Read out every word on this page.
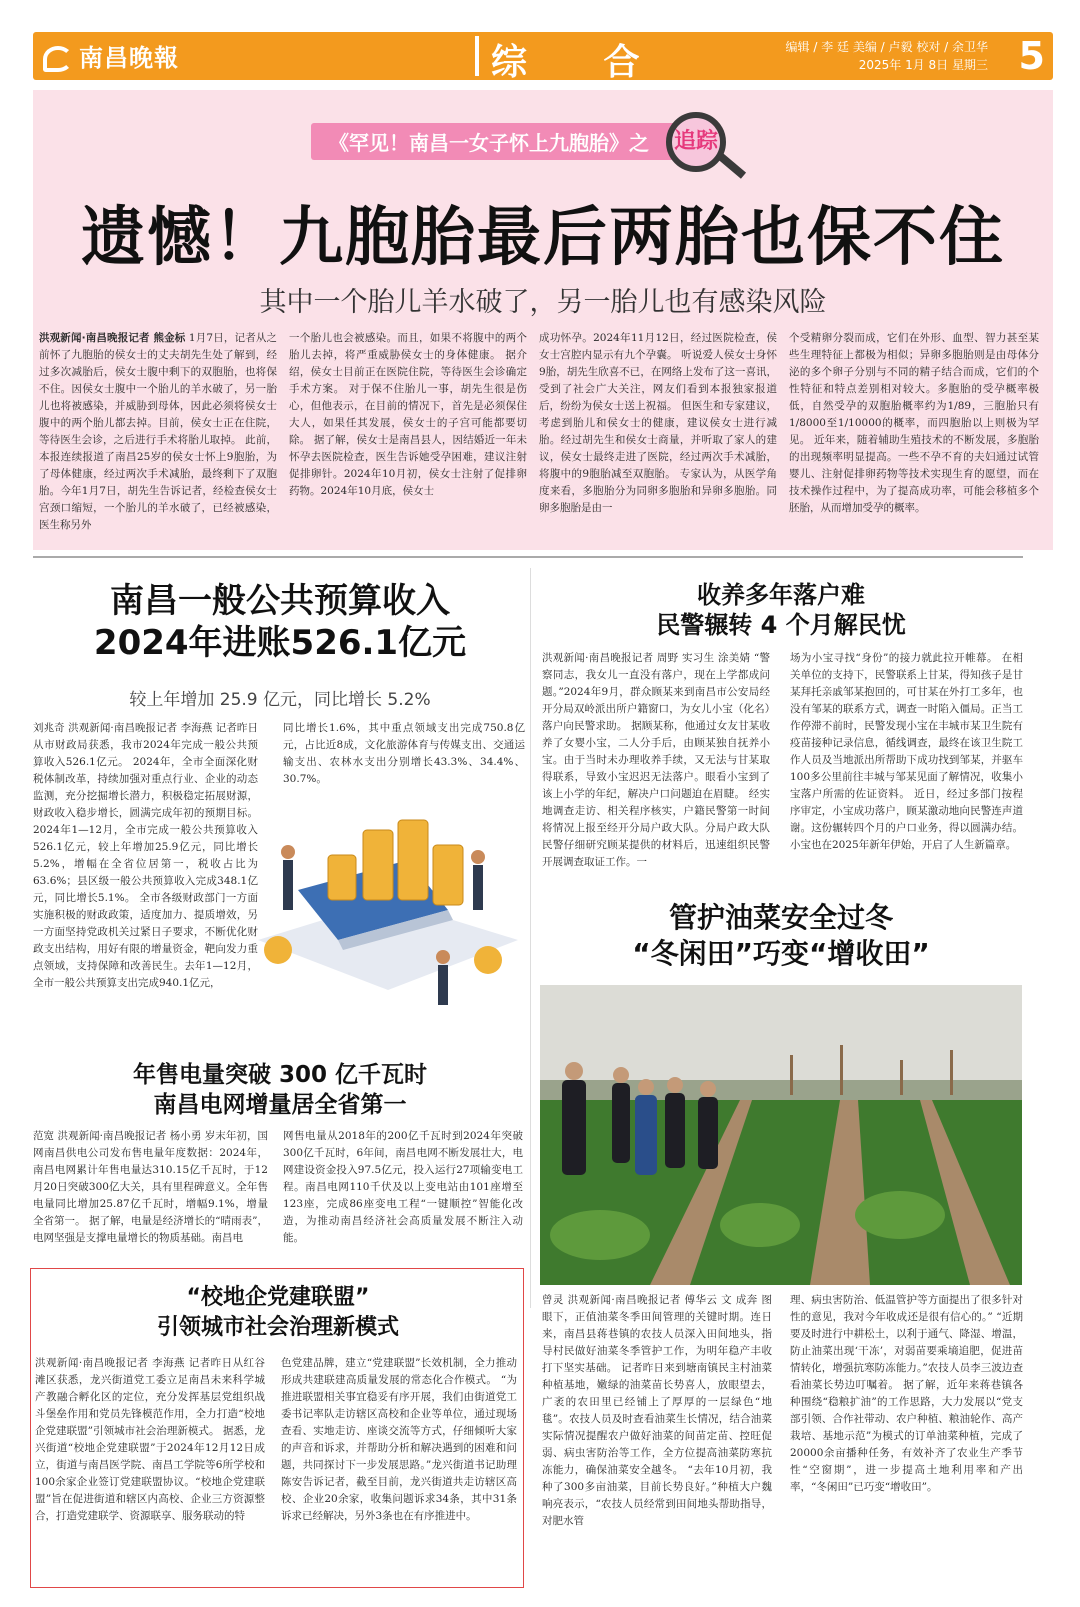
南昌晚報	综 合	编辑 / 李 廷 美编 / 卢毅 校对 / 余卫华
2025年 1月 8日 星期三 5
《罕见！南昌一女子怀上九胞胎》之	追踪
遗憾！九胞胎最后两胎也保不住
其中一个胎儿羊水破了，另一胎儿也有感染风险
洪观新闻·南昌晚报记者 熊金标 1月7日，记者从之前怀了九胞胎的侯女士的丈夫胡先生处了解到，经过多次减胎后，侯女士腹中剩下的双胞胎，也将保不住。因侯女士腹中一个胎儿的羊水破了，另一胎儿也将被感染，并威胁到母体，因此必须将侯女士腹中的两个胎儿都去掉。目前，侯女士正在住院，等待医生会诊，之后进行手术将胎儿取掉。 此前，本报连续报道了南昌25岁的侯女士怀上9胞胎，为了母体健康，经过两次手术减胎，最终剩下了双胞胎。今年1月7日，胡先生告诉记者，经检查侯女士宫颈口缩短，一个胎儿的羊水破了，已经被感染，医生称另外
一个胎儿也会被感染。而且，如果不将腹中的两个胎儿去掉，将严重威胁侯女士的身体健康。 据介绍，侯女士目前正在医院住院，等待医生会诊确定手术方案。 对于保不住胎儿一事，胡先生很是伤心，但他表示，在目前的情况下，首先是必须保住大人，如果任其发展，侯女士的子宫可能都要切除。 据了解，侯女士是南昌县人，因结婚近一年未怀孕去医院检查，医生告诉她受孕困难，建议注射促排卵针。2024年10月初，侯女士注射了促排卵药物。2024年10月底，侯女士
成功怀孕。2024年11月12日，经过医院检查，侯女士宫腔内显示有九个孕囊。 听说爱人侯女士身怀9胎，胡先生欣喜不已，在网络上发布了这一喜讯，受到了社会广大关注，网友们看到本报独家报道后，纷纷为侯女士送上祝福。 但医生和专家建议，考虑到胎儿和侯女士的健康，建议侯女士进行减胎。经过胡先生和侯女士商量，并听取了家人的建议，侯女士最终走进了医院，经过两次手术减胎，将腹中的9胞胎减至双胞胎。 专家认为，从医学角度来看，多胞胎分为同卵多胞胎和异卵多胞胎。同卵多胞胎是由一
个受精卵分裂而成，它们在外形、血型、智力甚至某些生理特征上都极为相似；异卵多胞胎则是由母体分泌的多个卵子分别与不同的精子结合而成，它们的个性特征和特点差别相对较大。多胞胎的受孕概率极低，自然受孕的双胞胎概率约为1/89，三胞胎只有1/8000至1/10000的概率，而四胞胎以上则极为罕见。 近年来，随着辅助生殖技术的不断发展，多胞胎的出现频率明显提高。一些不孕不育的夫妇通过试管婴儿、注射促排卵药物等技术实现生育的愿望，而在技术操作过程中，为了提高成功率，可能会移植多个胚胎，从而增加受孕的概率。
南昌一般公共预算收入
2024年进账526.1亿元
较上年增加 25.9 亿元，同比增长 5.2%
刘兆奇 洪观新闻·南昌晚报记者 李海燕 记者昨日从市财政局获悉，我市2024年完成一般公共预算收入526.1亿元。 2024年，全市全面深化财税体制改革，持续加强对重点行业、企业的动态监测，充分挖掘增长潜力，积极稳定拓展财源，财政收入稳步增长，圆满完成年初的预期目标。2024年1—12月，全市完成一般公共预算收入526.1亿元，较上年增加25.9亿元，同比增长5.2%，增幅在全省位居第一，税收占比为63.6%；县区级一般公共预算收入完成348.1亿元，同比增长5.1%。 全市各级财政部门一方面实施积极的财政政策，适度加力、提质增效，另一方面坚持党政机关过紧日子要求，不断优化财政支出结构，用好有限的增量资金，靶向发力重点领域，支持保障和改善民生。去年1—12月，全市一般公共预算支出完成940.1亿元，
同比增长1.6%，其中重点领域支出完成750.8亿元，占比近8成，文化旅游体育与传媒支出、交通运输支出、农林水支出分别增长43.3%、34.4%、30.7%。
年售电量突破 300 亿千瓦时
南昌电网增量居全省第一
范宽 洪观新闻·南昌晚报记者 杨小勇 岁末年初，国网南昌供电公司发布售电量年度数据：2024年，南昌电网累计年售电量达310.15亿千瓦时，于12月20日突破300亿大关，具有里程碑意义。全年售电量同比增加25.87亿千瓦时，增幅9.1%，增量全省第一。 据了解，电量是经济增长的“晴雨表”，电网坚强是支撑电量增长的物质基础。南昌电
网售电量从2018年的200亿千瓦时到2024年突破300亿千瓦时，6年间，南昌电网不断发展壮大，电网建设资金投入97.5亿元，投入运行27项输变电工程。南昌电网110千伏及以上变电站由101座增至123座，完成86座变电工程“一键顺控”智能化改造，为推动南昌经济社会高质量发展不断注入动能。
“校地企党建联盟”
引领城市社会治理新模式
洪观新闻·南昌晚报记者 李海燕 记者昨日从红谷滩区获悉，龙兴街道党工委立足南昌未来科学城产教融合孵化区的定位，充分发挥基层党组织战斗堡垒作用和党员先锋模范作用，全力打造“校地企党建联盟”引领城市社会治理新模式。 据悉，龙兴街道“校地企党建联盟”于2024年12月12日成立，街道与南昌医学院、南昌工学院等6所学校和100余家企业签订党建联盟协议。“校地企党建联盟”旨在促进街道和辖区内高校、企业三方资源整合，打造党建联学、资源联享、服务联动的特
色党建品牌，建立“党建联盟”长效机制，全力推动形成共建联建高质量发展的常态化合作模式。 “为推进联盟相关事宜稳妥有序开展，我们由街道党工委书记率队走访辖区高校和企业等单位，通过现场查看、实地走访、座谈交流等方式，仔细倾听大家的声音和诉求，并帮助分析和解决遇到的困难和问题，共同探讨下一步发展思路。”龙兴街道书记助理陈安告诉记者，截至目前，龙兴街道共走访辖区高校、企业20余家，收集问题诉求34条，其中31条诉求已经解决，另外3条也在有序推进中。
收养多年落户难
民警辗转 4 个月解民忧
洪观新闻·南昌晚报记者 周野 实习生 涂美婧 “警察同志，我女儿一直没有落户，现在上学都成问题。”2024年9月，群众顾某来到南昌市公安局经开分局双岭派出所户籍窗口，为女儿小宝（化名）落户向民警求助。 据顾某称，他通过女友甘某收养了女婴小宝，二人分手后，由顾某独自抚养小宝。由于当时未办理收养手续，又无法与甘某取得联系，导致小宝迟迟无法落户。眼看小宝到了该上小学的年纪，解决户口问题迫在眉睫。 经实地调查走访、相关程序核实，户籍民警第一时间将情况上报至经开分局户政大队。分局户政大队民警仔细研究顾某提供的材料后，迅速组织民警开展调查取证工作。一
场为小宝寻找“身份”的接力就此拉开帷幕。 在相关单位的支持下，民警联系上甘某，得知孩子是甘某拜托亲戚邹某抱回的，可甘某在外打工多年，也没有邹某的联系方式，调查一时陷入僵局。正当工作停滞不前时，民警发现小宝在丰城市某卫生院有疫苗接种记录信息，循线调查，最终在该卫生院工作人员及当地派出所帮助下成功找到邹某，并驱车100多公里前往丰城与邹某见面了解情况，收集小宝落户所需的佐证资料。 近日，经过多部门按程序审定，小宝成功落户，顾某激动地向民警连声道谢。这份辗转四个月的户口业务，得以圆满办结。小宝也在2025年新年伊始，开启了人生新篇章。
管护油菜安全过冬
“冬闲田”巧变“增收田”
曾灵 洪观新闻·南昌晚报记者 傅华云 文 成奔 图 眼下，正值油菜冬季田间管理的关键时期。连日来，南昌县蒋巷镇的农技人员深入田间地头，指导村民做好油菜冬季管护工作，为明年稳产丰收打下坚实基础。 记者昨日来到塘南镇民主村油菜种植基地，嫩绿的油菜苗长势喜人，放眼望去，广袤的农田里已经铺上了厚厚的一层绿色“地毯”。农技人员及时查看油菜生长情况，结合油菜实际情况提醒农户做好油菜的间苗定苗、控旺促弱、病虫害防治等工作，全方位提高油菜防寒抗冻能力，确保油菜安全越冬。 “去年10月初，我种了300多亩油菜，目前长势良好。”种植大户魏响亮表示，“农技人员经常到田间地头帮助指导，对肥水管
理、病虫害防治、低温管护等方面提出了很多针对性的意见，我对今年收成还是很有信心的。” “近期要及时进行中耕松土，以利于通气、降湿、增温，防止油菜出现‘干冻’，对弱苗要乘墒追肥，促进苗情转化，增强抗寒防冻能力。”农技人员李三波边查看油菜长势边叮嘱着。 据了解，近年来蒋巷镇各种围绕“稳粮扩油”的工作思路，大力发展以“党支部引领、合作社带动、农户种植、粮油轮作、高产栽培、基地示范”为模式的订单油菜种植，完成了20000余亩播种任务，有效补齐了农业生产季节性“空窗期”，进一步提高土地利用率和产出率，“冬闲田”已巧变“增收田”。
